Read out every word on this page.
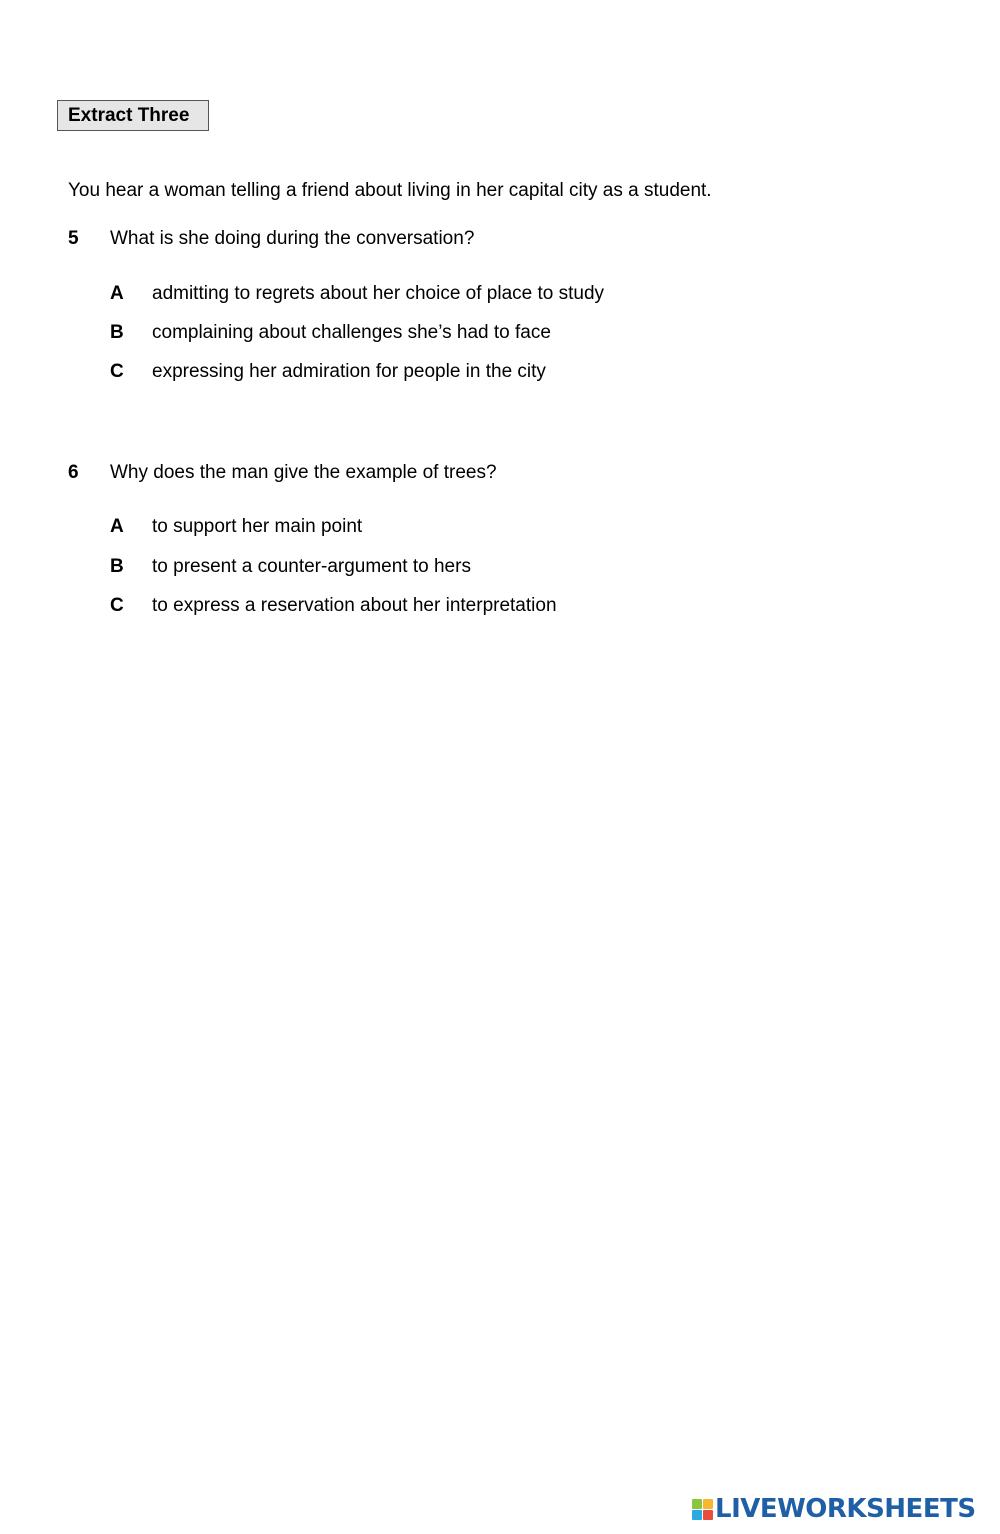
Extract Three
You hear a woman telling a friend about living in her capital city as a student.
5 What is she doing during the conversation?
A admitting to regrets about her choice of place to study
B complaining about challenges she’s had to face
C expressing her admiration for people in the city
6 Why does the man give the example of trees?
A to support her main point
B to present a counter-argument to hers
C to express a reservation about her interpretation
LIVEWORKSHEETS
